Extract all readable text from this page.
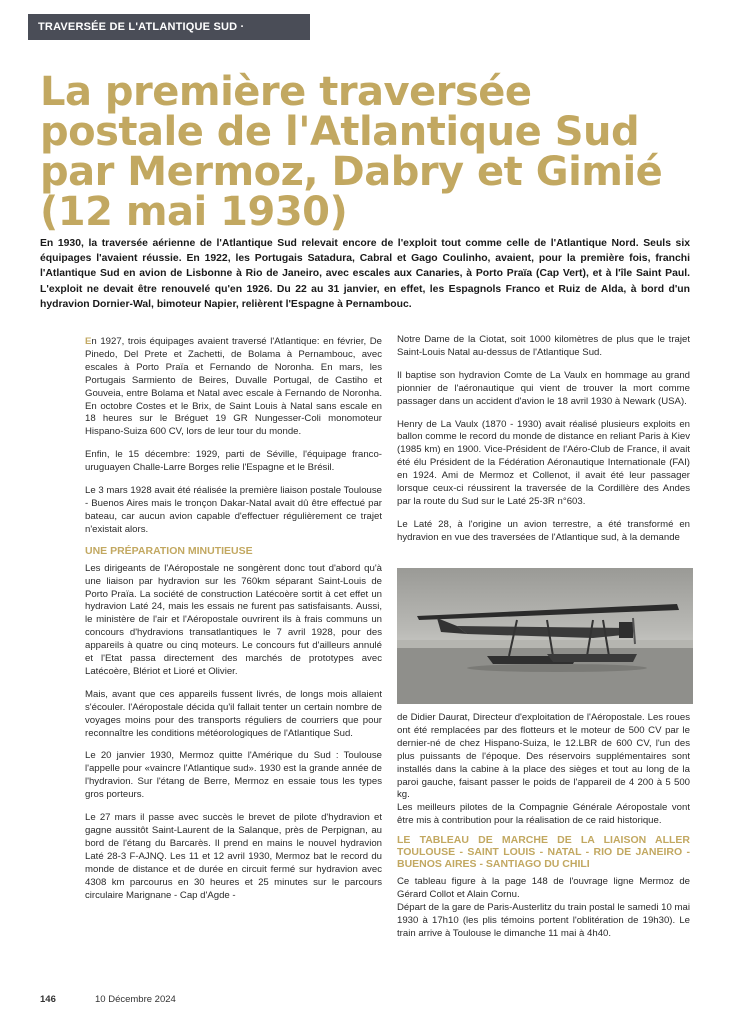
TRAVERSÉE DE L'ATLANTIQUE SUD ·
La première traversée postale de l'Atlantique Sud par Mermoz, Dabry et Gimié (12 mai 1930)

En 1930, la traversée aérienne de l'Atlantique Sud relevait encore de l'exploit tout comme celle de l'Atlantique Nord. Seuls six équipages l'avaient réussie. En 1922, les Portugais Satadura, Cabral et Gago Coulinho, avaient, pour la première fois, franchi l'Atlantique Sud en avion de Lisbonne à Rio de Janeiro, avec escales aux Canaries, à Porto Praïa (Cap Vert), et à l'île Saint Paul. L'exploit ne devait être renouvelé qu'en 1926. Du 22 au 31 janvier, en effet, les Espagnols Franco et Ruiz de Alda, à bord d'un hydravion Dornier-Wal, bimoteur Napier, relièrent l'Espagne à Pernambouc.

En 1927, trois équipages avaient traversé l'Atlantique: en février, De Pinedo, Del Prete et Zachetti, de Bolama à Pernambouc, avec escales à Porto Praïa et Fernando de Noronha. En mars, les Portugais Sarmiento de Beires, Duvalle Portugal, de Castiho et Gouveia, entre Bolama et Natal avec escale à Fernando de Noronha. En octobre Costes et le Brix, de Saint Louis à Natal sans escale en 18 heures sur le Bréguet 19 GR Nungesser-Coli monomoteur Hispano-Suiza 600 CV, lors de leur tour du monde.

Enfin, le 15 décembre: 1929, parti de Séville, l'équipage franco-uruguayen Challe-Larre Borges relie l'Espagne et le Brésil.

Le 3 mars 1928 avait été réalisée la première liaison postale Toulouse - Buenos Aires mais le tronçon Dakar-Natal avait dû être effectué par bateau, car aucun avion capable d'effectuer régulièrement ce trajet n'existait alors.

UNE PRÉPARATION MINUTIEUSE

Les dirigeants de l'Aéropostale ne songèrent donc tout d'abord qu'à une liaison par hydravion sur les 760km séparant Saint-Louis de Porto Praïa. La société de construction Latécoère sortit à cet effet un hydravion Laté 24, mais les essais ne furent pas satisfaisants. Aussi, le ministère de l'air et l'Aéropostale ouvrirent ils à frais communs un concours d'hydravions transatlantiques le 7 avril 1928, pour des appareils à quatre ou cinq moteurs. Le concours fut d'ailleurs annulé et l'Etat passa directement des marchés de prototypes avec Latécoère, Blériot et Lioré et Olivier.

Mais, avant que ces appareils fussent livrés, de longs mois allaient s'écouler. l'Aéropostale décida qu'il fallait tenter un certain nombre de voyages moins pour des transports réguliers de courriers que pour reconnaître les conditions météorologiques de l'Atlantique Sud.

Le 20 janvier 1930, Mermoz quitte l'Amérique du Sud : Toulouse l'appelle pour «vaincre l'Atlantique sud». 1930 est la grande année de l'hydravion. Sur l'étang de Berre, Mermoz en essaie tous les types gros porteurs.

Le 27 mars il passe avec succès le brevet de pilote d'hydravion et gagne aussitôt Saint-Laurent de la Salanque, près de Perpignan, au bord de l'étang du Barcarès. Il prend en mains le nouvel hydravion Laté 28-3 F-AJNQ. Les 11 et 12 avril 1930, Mermoz bat le record du monde de distance et de durée en circuit fermé sur hydravion avec 4308 km parcourus en 30 heures et 25 minutes sur le parcours circulaire Marignane - Cap d'Agde -

Notre Dame de la Ciotat, soit 1000 kilomètres de plus que le trajet Saint-Louis Natal au-dessus de l'Atlantique Sud.

Il baptise son hydravion Comte de La Vaulx en hommage au grand pionnier de l'aéronautique qui vient de trouver la mort comme passager dans un accident d'avion le 18 avril 1930 à Newark (USA).

Henry de La Vaulx (1870 - 1930) avait réalisé plusieurs exploits en ballon comme le record du monde de distance en reliant Paris à Kiev (1985 km) en 1900. Vice-Président de l'Aéro-Club de France, il avait été élu Président de la Fédération Aéronautique Internationale (FAI) en 1924. Ami de Mermoz et Collenot, il avait été leur passager lorsque ceux-ci réussirent la traversée de la Cordillère des Andes par la route du Sud sur le Laté 25-3R n°603.

Le Laté 28, à l'origine un avion terrestre, a été transformé en hydravion en vue des traversées de l'Atlantique sud, à la demande

de Didier Daurat, Directeur d'exploitation de l'Aéropostale. Les roues ont été remplacées par des flotteurs et le moteur de 500 CV par le dernier-né de chez Hispano-Suiza, le 12.LBR de 600 CV, l'un des plus puissants de l'époque. Des réservoirs supplémentaires sont installés dans la cabine à la place des sièges et tout au long de la paroi gauche, faisant passer le poids de l'appareil de 4 200 à 5 500 kg.

Les meilleurs pilotes de la Compagnie Générale Aéropostale vont être mis à contribution pour la réalisation de ce raid historique.

LE TABLEAU DE MARCHE DE LA LIAISON ALLER TOULOUSE - SAINT LOUIS - NATAL - RIO DE JANEIRO - BUENOS AIRES - SANTIAGO DU CHILI

Ce tableau figure à la page 148 de l'ouvrage ligne Mermoz de Gérard Collot et Alain Cornu.

Départ de la gare de Paris-Austerlitz du train postal le samedi 10 mai 1930 à 17h10 (les plis témoins portent l'oblitération de 19h30). Le train arrive à Toulouse le dimanche 11 mai à 4h40.

146	10 Décembre 2024
